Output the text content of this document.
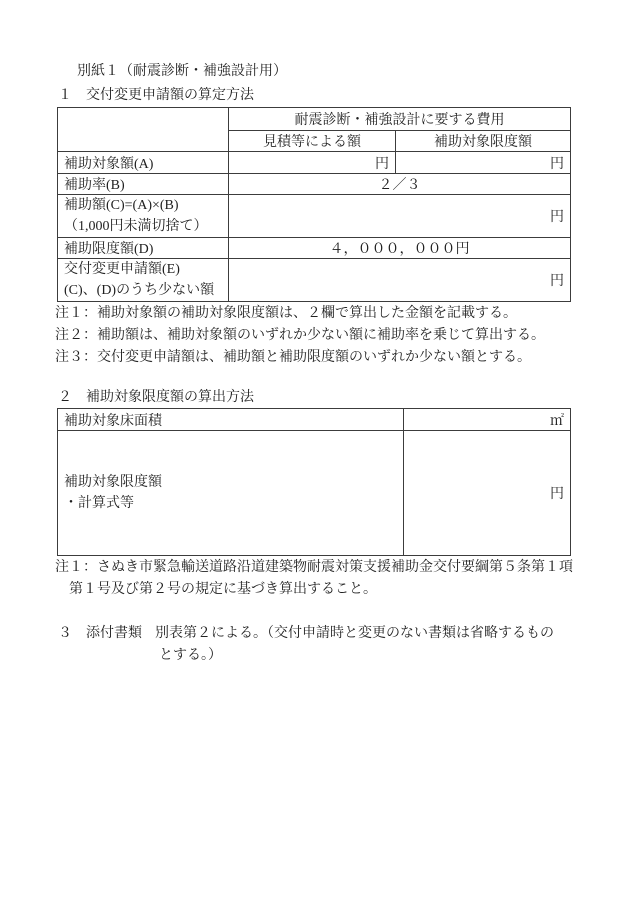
別紙１（耐震診断・補強設計用）
１　交付変更申請額の算定方法
	耐震診断・補強設計に要する費用	
	見積等による額	補助対象限度額
補助対象額(A)	円	円
補助率(B)	２／３	

補助額(C)=(A)×(B)
（1,000円未満切捨て）	円	
補助限度額(D)	４，０００，０００円	

交付変更申請額(E)
(C)、(D)のうち少ない額	円	
注１：補助対象額の補助対象限度額は、２欄で算出した金額を記載する。
注２：補助額は、補助対象額のいずれか少ない額に補助率を乗じて算出する。
注３：交付変更申請額は、補助額と補助限度額のいずれか少ない額とする。
２　補助対象限度額の算出方法
補助対象床面積	㎡

補助対象限度額
・計算式等	円
注１：さぬき市緊急輸送道路沿道建築物耐震対策支援補助金交付要綱第５条第１項
第１号及び第２号の規定に基づき算出すること。
３　添付書類 別表第２による。（交付申請時と変更のない書類は省略するもの
とする。）
